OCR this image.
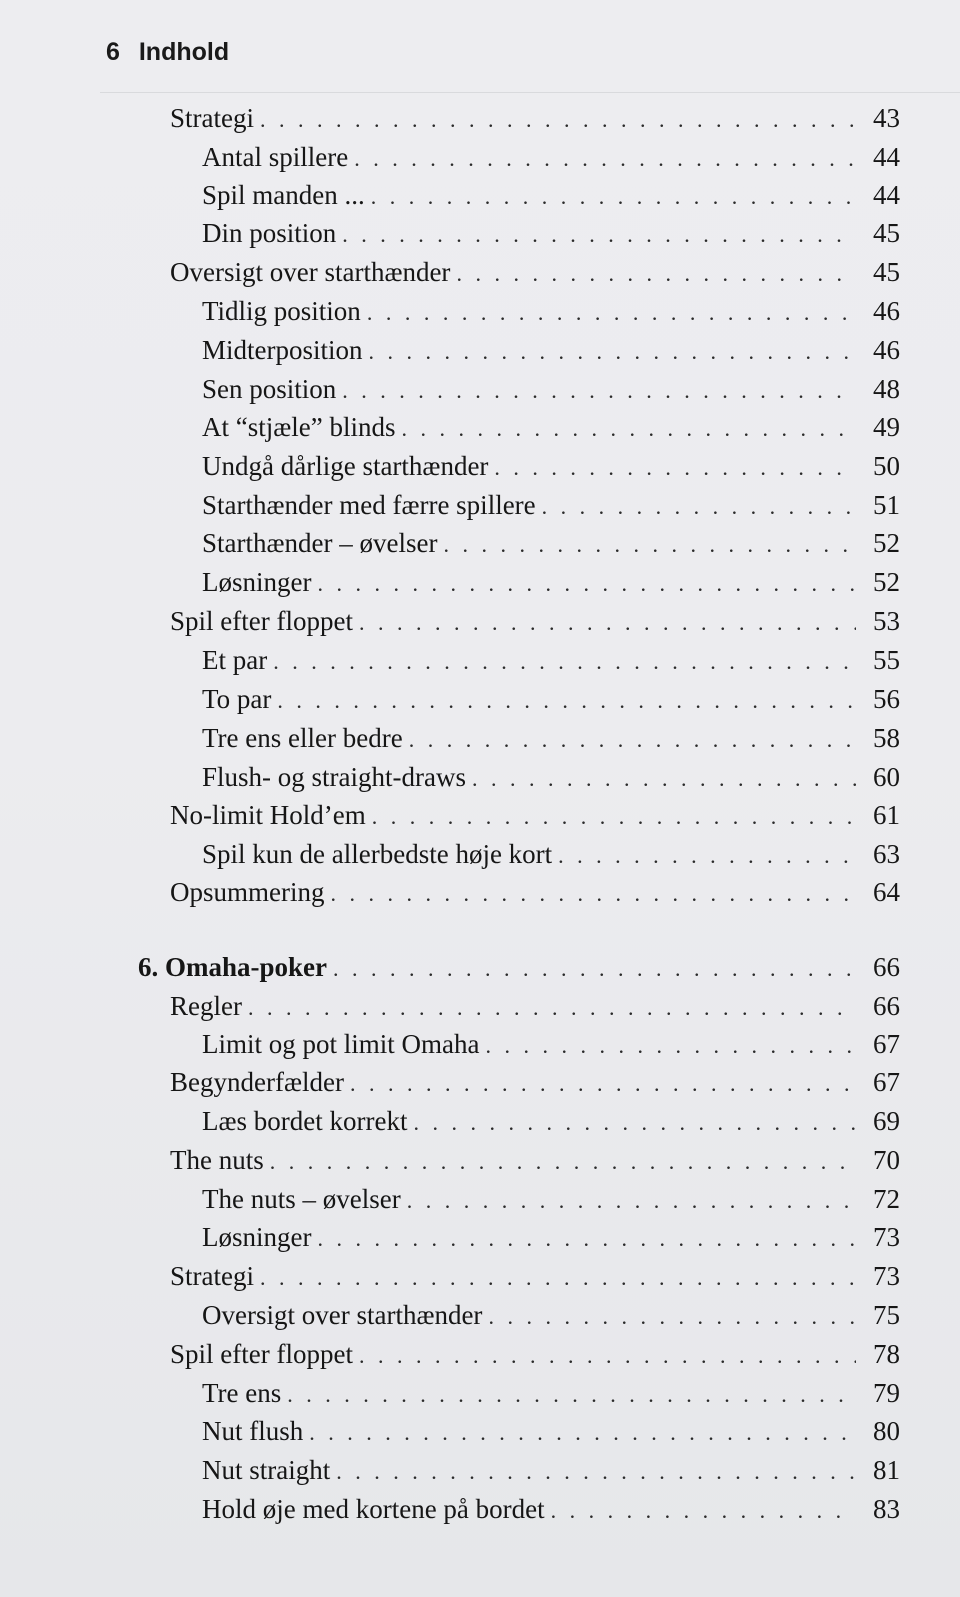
6 Indhold
Strategi . . .	43
Antal spillere . . .	44
Spil manden ... . . .	44
Din position . . .	45
Oversigt over starthænder . . .	45
Tidlig position . . .	46
Midterposition . . .	46
Sen position . . .	48
At “stjæle” blinds . . .	49
Undgå dårlige starthænder . . .	50
Starthænder med færre spillere . . .	51
Starthænder – øvelser . . .	52
Løsninger . . .	52
Spil efter floppet . . .	53
Et par . . .	55
To par . . .	56
Tre ens eller bedre . . .	58
Flush- og straight-draws . . .	60
No-limit Hold’em . . .	61
Spil kun de allerbedste høje kort . . .	63
Opsummering . . .	64
6. Omaha-poker . . .	66
Regler . . .	66
Limit og pot limit Omaha . . .	67
Begynderfælder . . .	67
Læs bordet korrekt . . .	69
The nuts . . .	70
The nuts – øvelser . . .	72
Løsninger . . .	73
Strategi . . .	73
Oversigt over starthænder . . .	75
Spil efter floppet . . .	78
Tre ens . . .	79
Nut flush . . .	80
Nut straight . . .	81
Hold øje med kortene på bordet . . .	83
